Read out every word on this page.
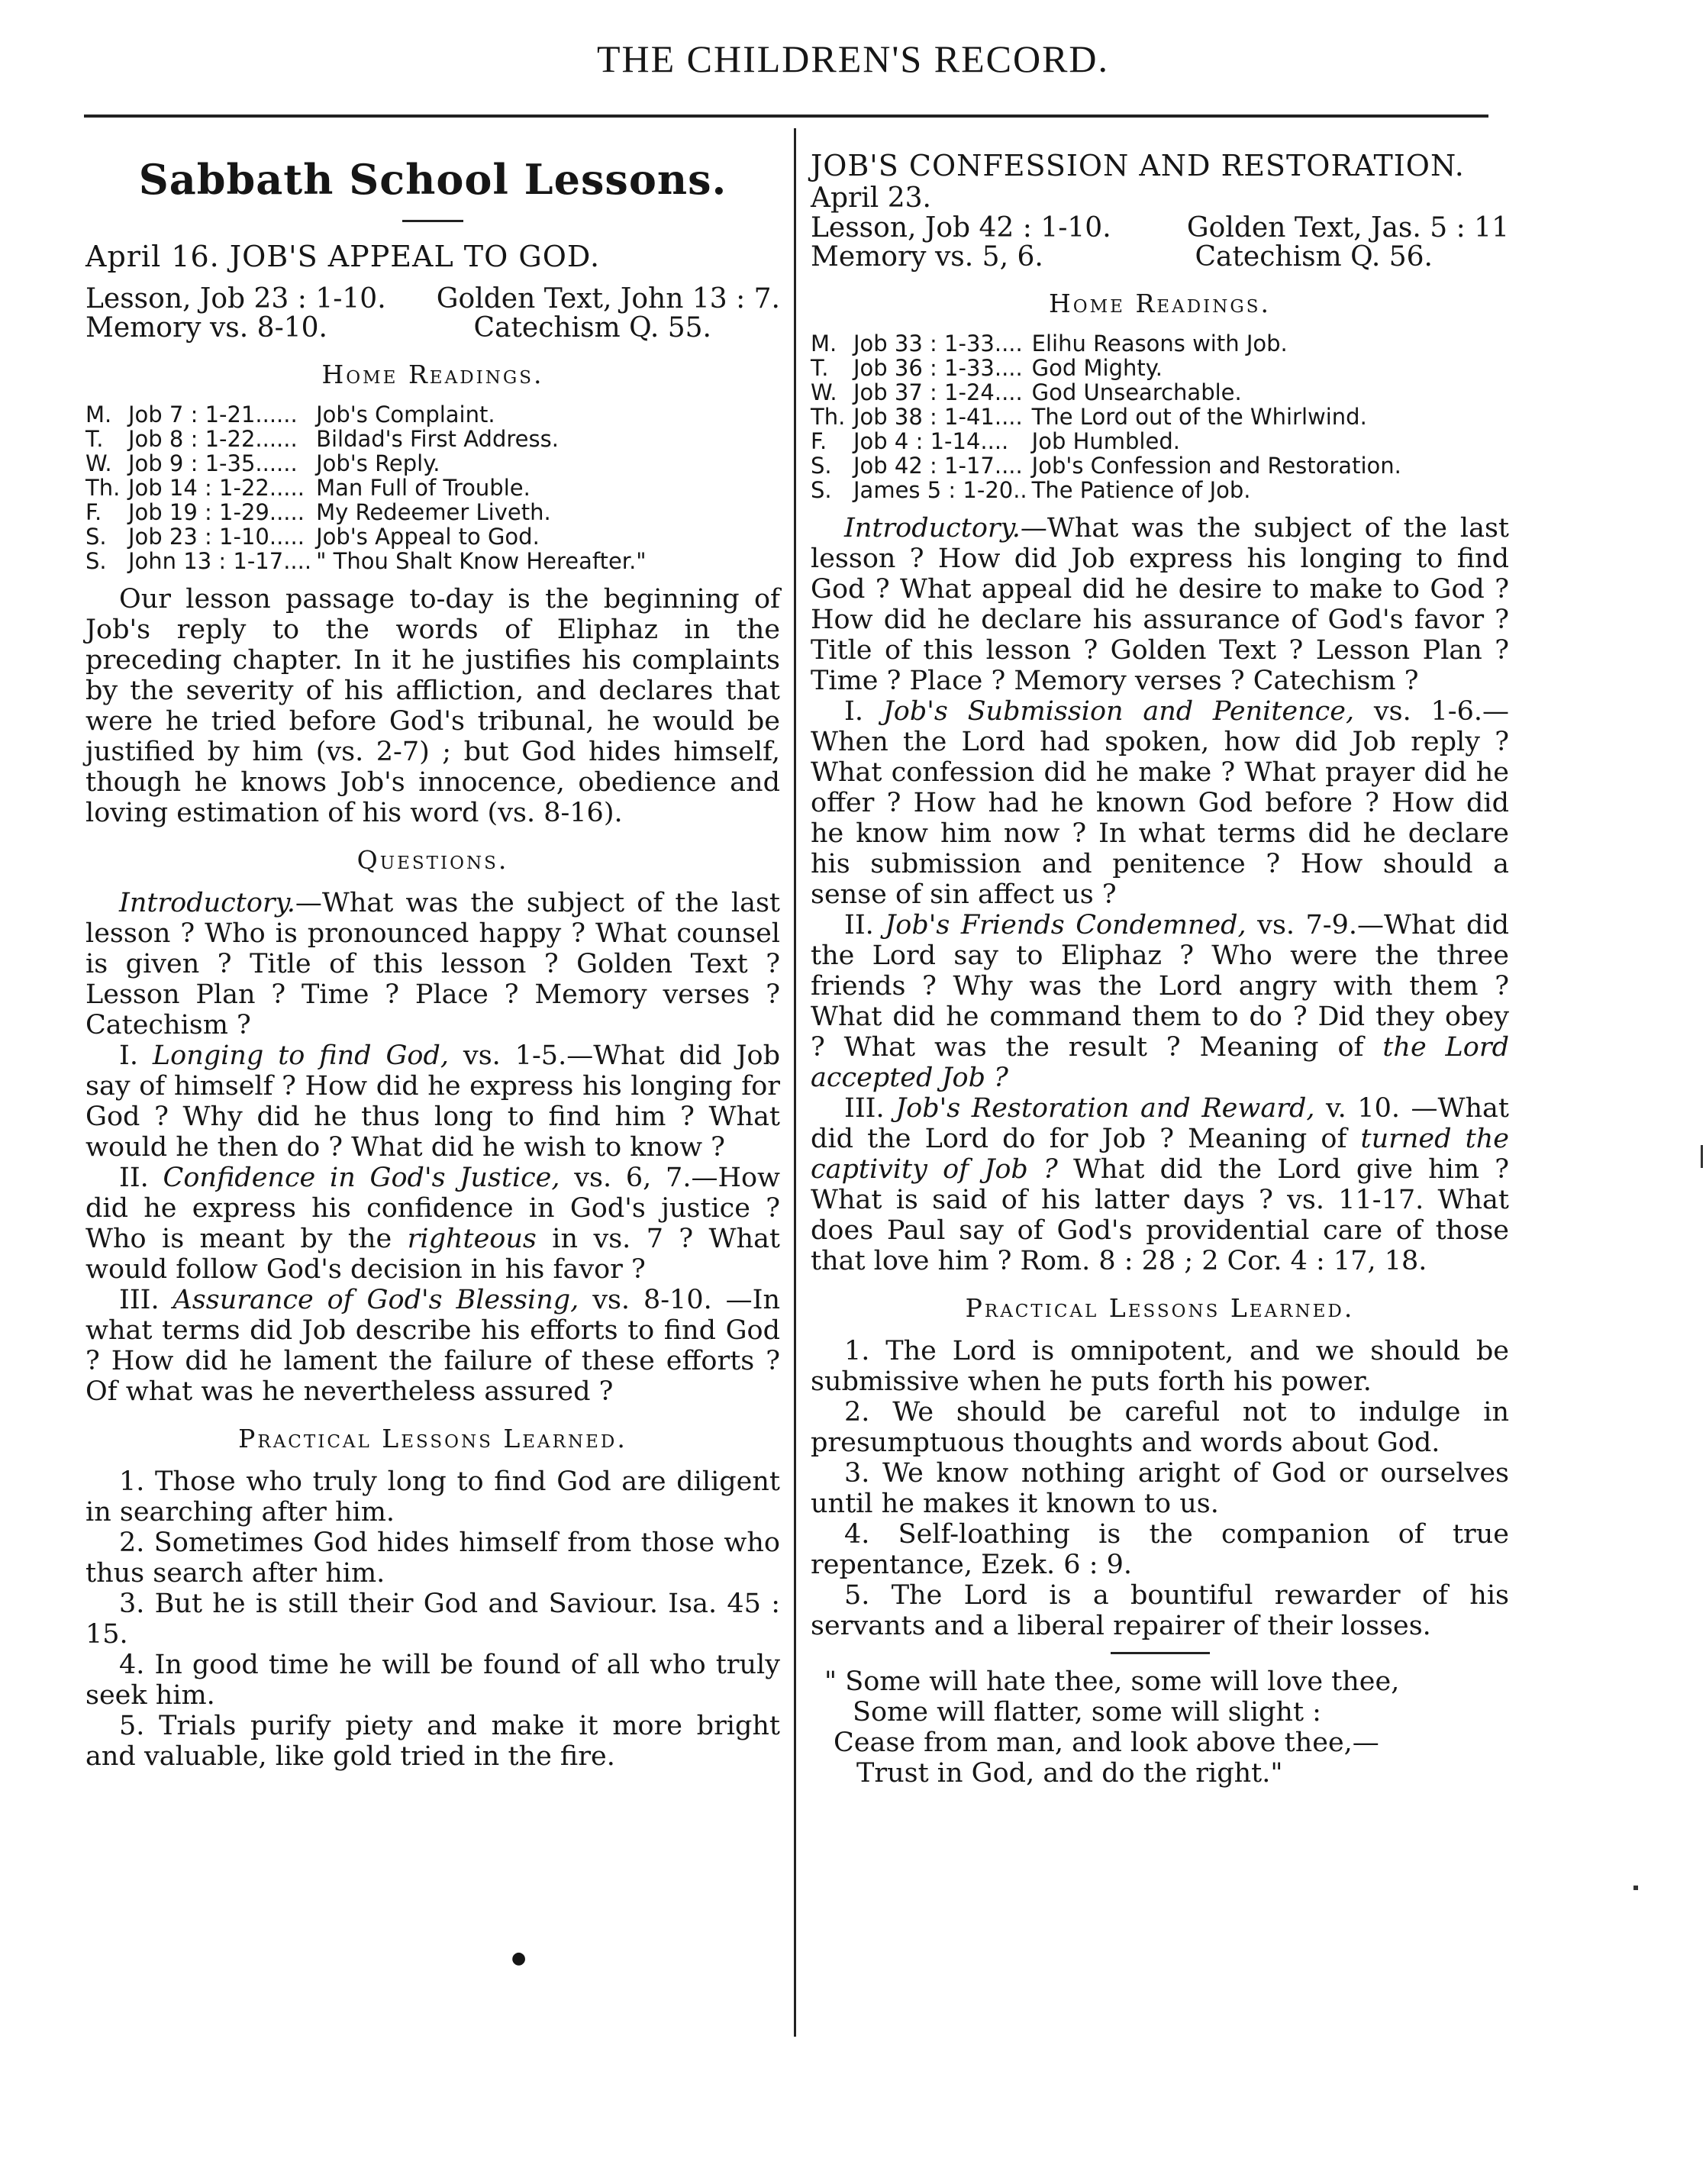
THE CHILDREN'S RECORD.
Sabbath School Lessons.

April 16. JOB'S APPEAL TO GOD.

Lesson, Job 23 : 1-10. Golden Text, John 13 : 7.
Memory vs. 8-10.	Catechism Q. 55.
Home Readings.
M.	Job 7 : 1-21......	Job's Complaint.
T.	Job 8 : 1-22......	Bildad's First Address.
W.	Job 9 : 1-35......	Job's Reply.
Th.	Job 14 : 1-22.....	Man Full of Trouble.
F.	Job 19 : 1-29.....	My Redeemer Liveth.
S.	Job 23 : 1-10.....	Job's Appeal to God.
S.	John 13 : 1-17....	" Thou Shalt Know Hereafter."

Our lesson passage to-day is the beginning of Job's reply to the words of Eliphaz in the preceding chapter. In it he justifies his complaints by the severity of his affliction, and declares that were he tried before God's tribunal, he would be justified by him (vs. 2-7) ; but God hides himself, though he knows Job's innocence, obedience and loving estimation of his word (vs. 8-16).

Questions.

Introductory.—What was the subject of the last lesson ? Who is pronounced happy ? What counsel is given ? Title of this lesson ? Golden Text ? Lesson Plan ? Time ? Place ? Memory verses ? Catechism ?

I. Longing to find God, vs. 1-5.—What did Job say of himself ? How did he express his longing for God ? Why did he thus long to find him ? What would he then do ? What did he wish to know ?

II. Confidence in God's Justice, vs. 6, 7.—How did he express his confidence in God's justice ? Who is meant by the righteous in vs. 7 ? What would follow God's decision in his favor ?

III. Assurance of God's Blessing, vs. 8-10. —In what terms did Job describe his efforts to find God ? How did he lament the failure of these efforts ? Of what was he nevertheless assured ?

Practical Lessons Learned.

1. Those who truly long to find God are diligent in searching after him.

2. Sometimes God hides himself from those who thus search after him.

3. But he is still their God and Saviour. Isa. 45 : 15.

4. In good time he will be found of all who truly seek him.

5. Trials purify piety and make it more bright and valuable, like gold tried in the fire.

JOB'S CONFESSION AND RESTORATION.

April 23.

Lesson, Job 42 : 1-10.	Golden Text, Jas. 5 : 11
Memory vs. 5, 6.	Catechism Q. 56.
Home Readings.
M.	Job 33 : 1-33....	Elihu Reasons with Job.
T.	Job 36 : 1-33....	God Mighty.
W.	Job 37 : 1-24....	God Unsearchable.
Th.	Job 38 : 1-41....	The Lord out of the Whirlwind.
F.	Job 4 : 1-14....	Job Humbled.
S.	Job 42 : 1-17....	Job's Confession and Restoration.
S.	James 5 : 1-20..	The Patience of Job.

Introductory.—What was the subject of the last lesson ? How did Job express his longing to find God ? What appeal did he desire to make to God ? How did he declare his assurance of God's favor ? Title of this lesson ? Golden Text ? Lesson Plan ? Time ? Place ? Memory verses ? Catechism ?

I. Job's Submission and Penitence, vs. 1-6.—When the Lord had spoken, how did Job reply ? What confession did he make ? What prayer did he offer ? How had he known God before ? How did he know him now ? In what terms did he declare his submission and penitence ? How should a sense of sin affect us ?

II. Job's Friends Condemned, vs. 7-9.—What did the Lord say to Eliphaz ? Who were the three friends ? Why was the Lord angry with them ? What did he command them to do ? Did they obey ? What was the result ? Meaning of the Lord accepted Job ?

III. Job's Restoration and Reward, v. 10. —What did the Lord do for Job ? Meaning of turned the captivity of Job ? What did the Lord give him ? What is said of his latter days ? vs. 11-17. What does Paul say of God's providential care of those that love him ? Rom. 8 : 28 ; 2 Cor. 4 : 17, 18.

Practical Lessons Learned.

1. The Lord is omnipotent, and we should be submissive when he puts forth his power.

2. We should be careful not to indulge in presumptuous thoughts and words about God.

3. We know nothing aright of God or ourselves until he makes it known to us.

4. Self-loathing is the companion of true repentance, Ezek. 6 : 9.

5. The Lord is a bountiful rewarder of his servants and a liberal repairer of their losses.

" Some will hate thee, some will love thee,
Some will flatter, some will slight :
Cease from man, and look above thee,—
Trust in God, and do the right."
●
